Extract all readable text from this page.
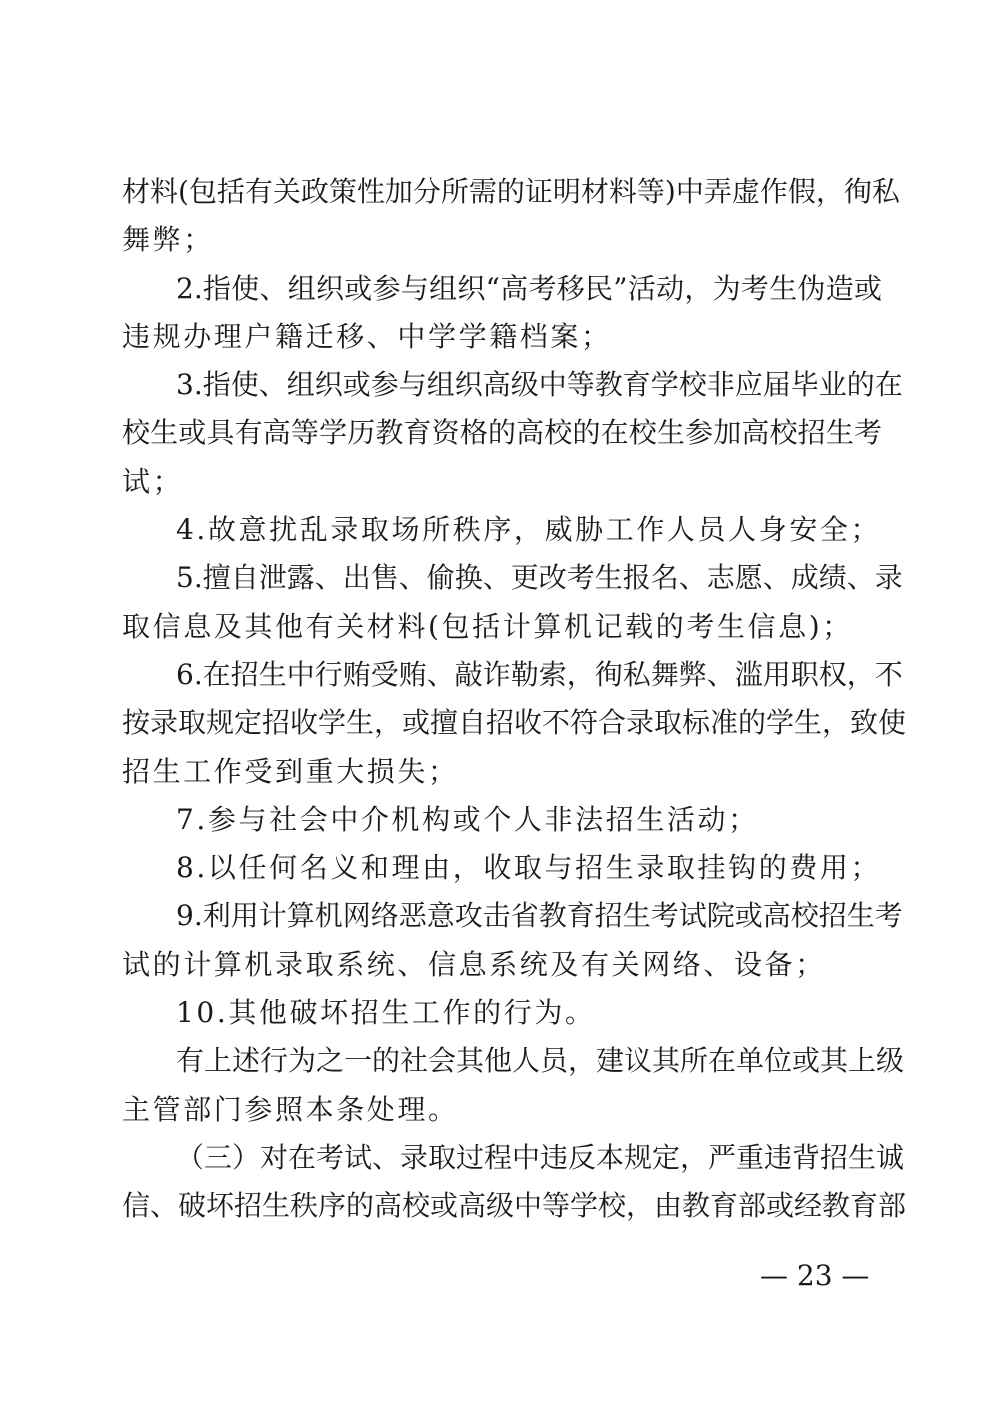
材料(包括有关政策性加分所需的证明材料等)中弄虚作假，徇私
舞弊；
2.指使、组织或参与组织“高考移民”活动，为考生伪造或
违规办理户籍迁移、中学学籍档案；
3.指使、组织或参与组织高级中等教育学校非应届毕业的在
校生或具有高等学历教育资格的高校的在校生参加高校招生考
试；
4.故意扰乱录取场所秩序，威胁工作人员人身安全；
5.擅自泄露、出售、偷换、更改考生报名、志愿、成绩、录
取信息及其他有关材料(包括计算机记载的考生信息)；
6.在招生中行贿受贿、敲诈勒索，徇私舞弊、滥用职权，不
按录取规定招收学生，或擅自招收不符合录取标准的学生，致使
招生工作受到重大损失；
7.参与社会中介机构或个人非法招生活动；
8.以任何名义和理由，收取与招生录取挂钩的费用；
9.利用计算机网络恶意攻击省教育招生考试院或高校招生考
试的计算机录取系统、信息系统及有关网络、设备；
10.其他破坏招生工作的行为。
有上述行为之一的社会其他人员，建议其所在单位或其上级
主管部门参照本条处理。
（三）对在考试、录取过程中违反本规定，严重违背招生诚
信、破坏招生秩序的高校或高级中等学校，由教育部或经教育部
— 23 —
